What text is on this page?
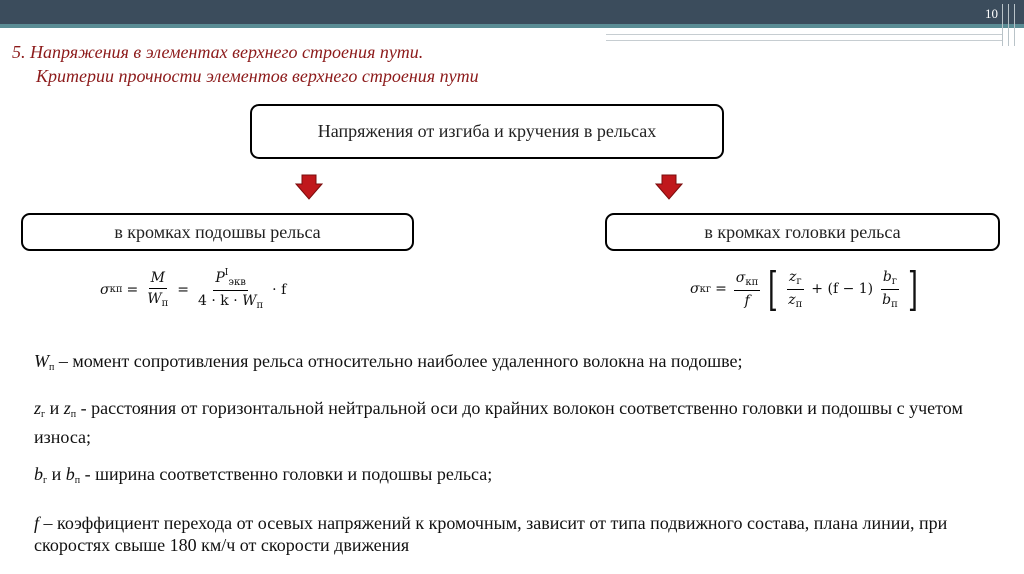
10
5. Напряжения в элементах верхнего строения пути.
Критерии прочности элементов верхнего строения пути
Напряжения от изгиба и кручения в рельсах
в кромках подошвы рельса	в кромках головки рельса
σ кп = $\frac{M}{W_п} = \frac{P^I_{экв}}{4 \cdot k \cdot W_п} \cdot f$	σ кг = $\frac{\sigma_{кп}}{f}$ [ $\frac{z_г}{z_п} + (f - 1) \frac{b_г}{b_п}$ ]
$W_п$ – момент сопротивления рельса относительно наиболее удаленного волокна на подошве;
$z_г$ и $z_п$ - расстояния от горизонтальной нейтральной оси до крайних волокон соответственно головки и подошвы с учетом износа;
$b_г$ и $b_п$ - ширина соответственно головки и подошвы рельса;
f – коэффициент перехода от осевых напряжений к кромочным, зависит от типа подвижного состава, плана линии, при скоростях свыше 180 км/ч от скорости движения
